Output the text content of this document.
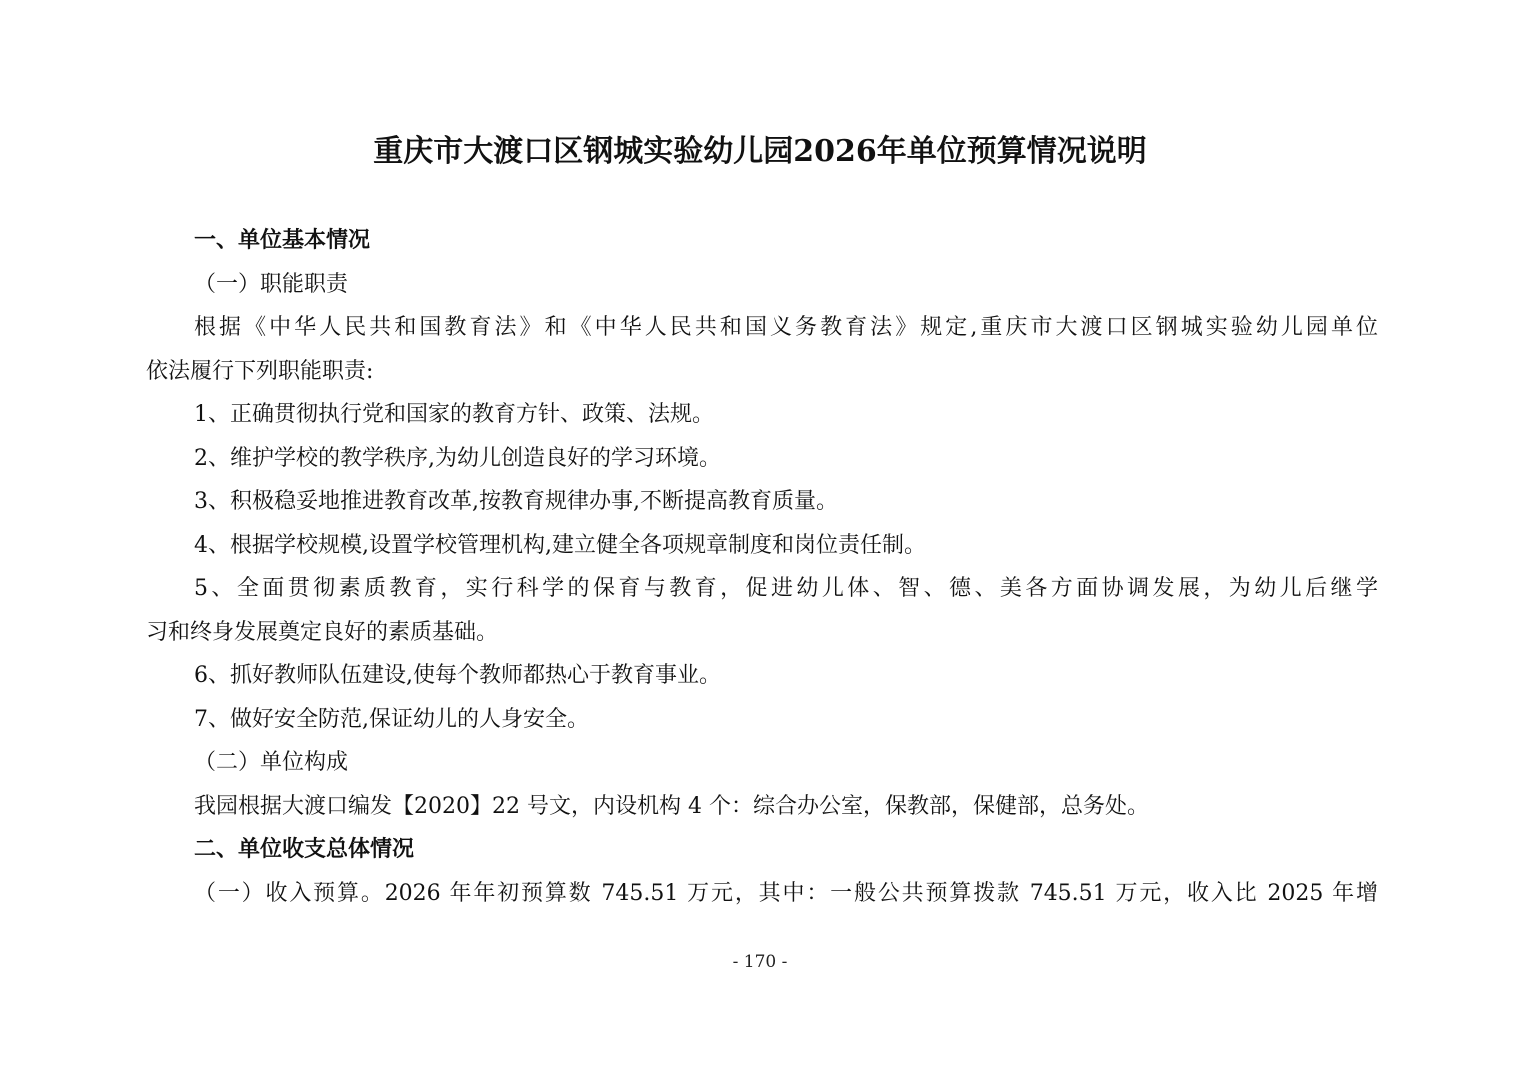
重庆市大渡口区钢城实验幼儿园2026年单位预算情况说明
一、单位基本情况
（一）职能职责
根据《中华人民共和国教育法》和《中华人民共和国义务教育法》规定,重庆市大渡口区钢城实验幼儿园单位
依法履行下列职能职责:
1、正确贯彻执行党和国家的教育方针、政策、法规。
2、维护学校的教学秩序,为幼儿创造良好的学习环境。
3、积极稳妥地推进教育改革,按教育规律办事,不断提高教育质量。
4、根据学校规模,设置学校管理机构,建立健全各项规章制度和岗位责任制。
5、全面贯彻素质教育，实行科学的保育与教育，促进幼儿体、智、德、美各方面协调发展，为幼儿后继学
习和终身发展奠定良好的素质基础。
6、抓好教师队伍建设,使每个教师都热心于教育事业。
7、做好安全防范,保证幼儿的人身安全。
（二）单位构成
我园根据大渡口编发【2020】22 号文，内设机构 4 个：综合办公室，保教部，保健部，总务处。
二、单位收支总体情况
（一）收入预算。2026 年年初预算数 745.51 万元，其中：一般公共预算拨款 745.51 万元，收入比 2025 年增
- 170 -
